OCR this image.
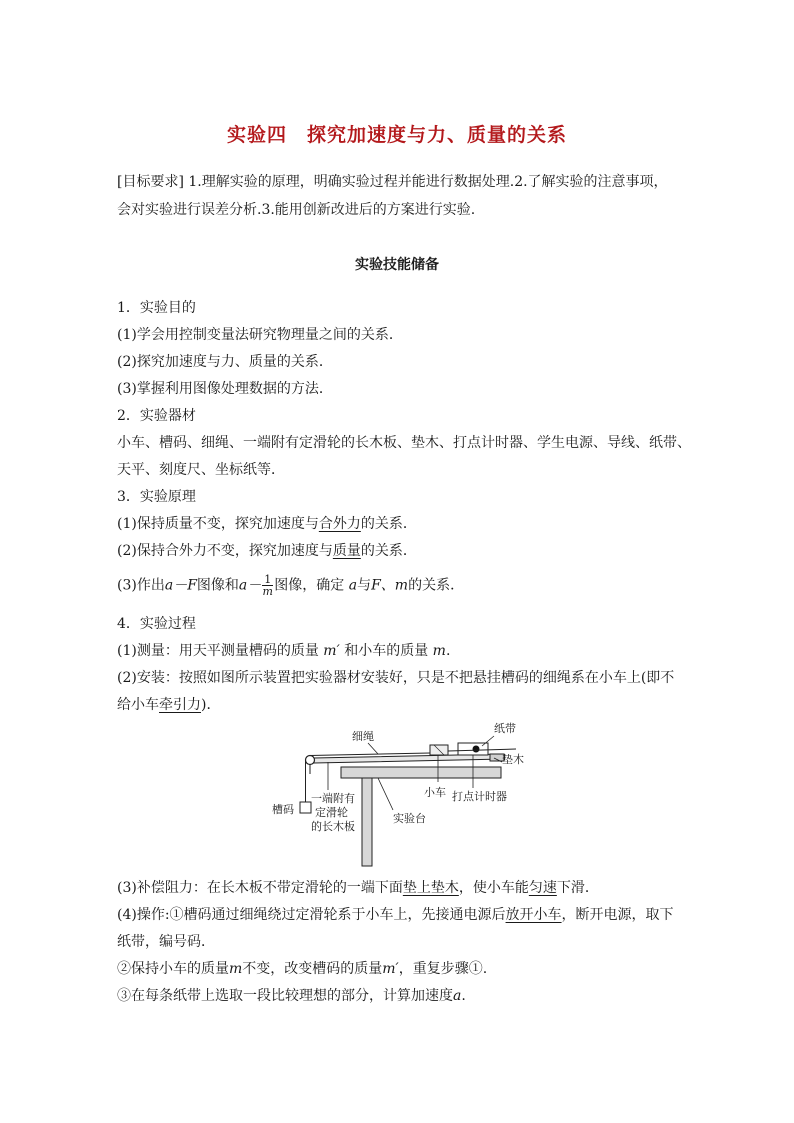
实验四　探究加速度与力、质量的关系
[目标要求] 1.理解实验的原理，明确实验过程并能进行数据处理.2.了解实验的注意事项，
会对实验进行误差分析.3.能用创新改进后的方案进行实验.
实验技能储备
1．实验目的
(1)学会用控制变量法研究物理量之间的关系．
(2)探究加速度与力、质量的关系．
(3)掌握利用图像处理数据的方法．
2．实验器材
小车、槽码、细绳、一端附有定滑轮的长木板、垫木、打点计时器、学生电源、导线、纸带、
天平、刻度尺、坐标纸等．
3．实验原理
(1)保持质量不变，探究加速度与合外力的关系．
(2)保持合外力不变，探究加速度与质量的关系．
(3)作出a－F图像和$a- \frac{1}{m}$ 图像，确定 a与F、m的关系．
4．实验过程
(1)测量：用天平测量槽码的质量 m′ 和小车的质量 m.
(2)安装：按照如图所示装置把实验器材安装好，只是不把悬挂槽码的细绳系在小车上(即不
给小车牵引力)．
细绳
纸带
垫木
小车 打点计时器
槽码
一端附有
定滑轮
的长木板
实验台
(3)补偿阻力：在长木板不带定滑轮的一端下面垫上垫木，使小车能匀速下滑．
(4)操作:①槽码通过细绳绕过定滑轮系于小车上，先接通电源后放开小车，断开电源，取下
纸带，编号码．
②保持小车的质量m不变，改变槽码的质量m′，重复步骤①.
③在每条纸带上选取一段比较理想的部分，计算加速度a.
